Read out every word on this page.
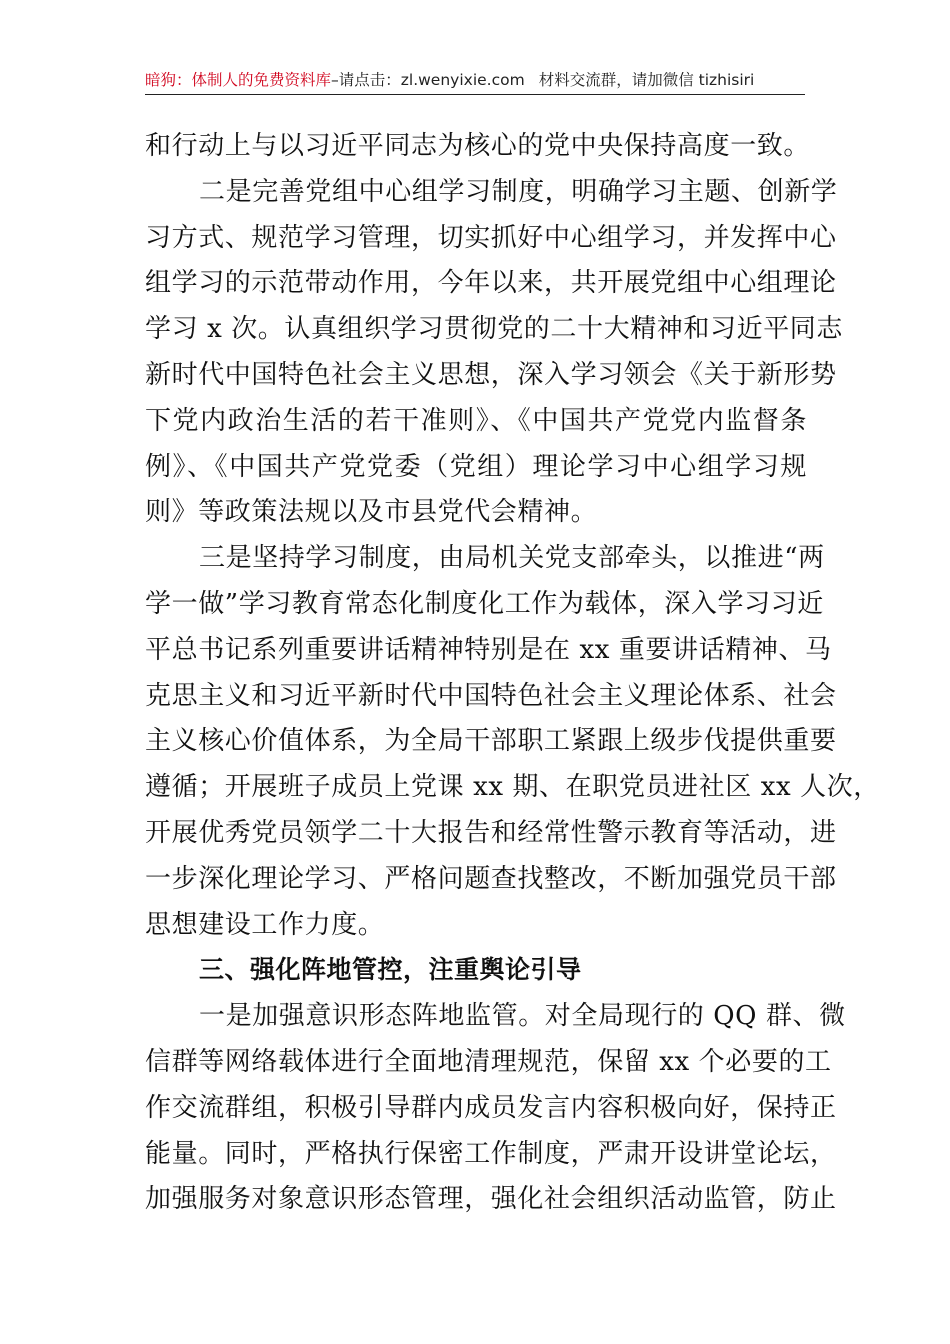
暗狗：体制人的免费资料库–请点击：zl.wenyixie.com 材料交流群，请加微信 tizhisiri
和行动上与以习近平同志为核心的党中央保持高度一致。
二是完善党组中心组学习制度，明确学习主题、创新学
习方式、规范学习管理，切实抓好中心组学习，并发挥中心
组学习的示范带动作用，今年以来，共开展党组中心组理论
学习 x 次。认真组织学习贯彻党的二十大精神和习近平同志
新时代中国特色社会主义思想，深入学习领会《关于新形势
下党内政治生活的若干准则》、《中国共产党党内监督条
例》、《中国共产党党委（党组）理论学习中心组学习规
则》等政策法规以及市县党代会精神。
三是坚持学习制度，由局机关党支部牵头，以推进“两
学一做”学习教育常态化制度化工作为载体，深入学习习近
平总书记系列重要讲话精神特别是在 xx 重要讲话精神、马
克思主义和习近平新时代中国特色社会主义理论体系、社会
主义核心价值体系，为全局干部职工紧跟上级步伐提供重要
遵循；开展班子成员上党课 xx 期、在职党员进社区 xx 人次，
开展优秀党员领学二十大报告和经常性警示教育等活动，进
一步深化理论学习、严格问题查找整改，不断加强党员干部
思想建设工作力度。
三、强化阵地管控，注重舆论引导
一是加强意识形态阵地监管。对全局现行的 QQ 群、微
信群等网络载体进行全面地清理规范，保留 xx 个必要的工
作交流群组，积极引导群内成员发言内容积极向好，保持正
能量。同时，严格执行保密工作制度，严肃开设讲堂论坛，
加强服务对象意识形态管理，强化社会组织活动监管，防止
